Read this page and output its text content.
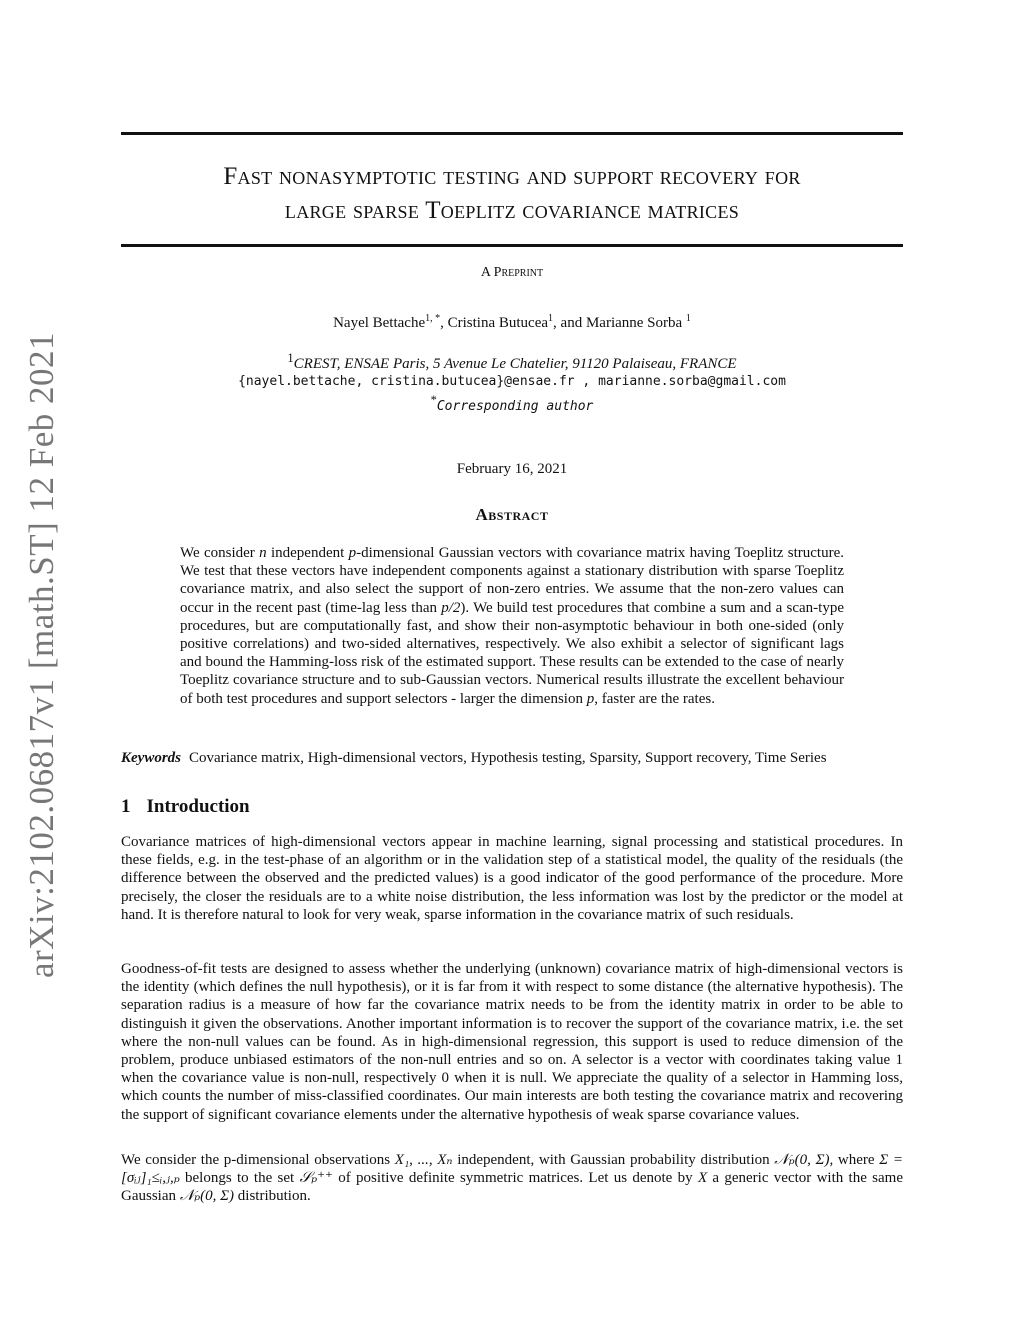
arXiv:2102.06817v1 [math.ST] 12 Feb 2021
Fast nonasymptotic testing and support recovery for
large sparse Toeplitz covariance matrices
A Preprint
Nayel Bettache$^{1, *}$, Cristina Butucea$^1$, and Marianne Sorba $^1$
$^1$CREST, ENSAE Paris, 5 Avenue Le Chatelier, 91120 Palaiseau, FRANCE
{nayel.bettache, cristina.butucea}@ensae.fr , marianne.sorba@gmail.com
*Corresponding author
February 16, 2021
Abstract

We consider n independent p-dimensional Gaussian vectors with covariance matrix having Toeplitz structure. We test that these vectors have independent components against a stationary distribution with sparse Toeplitz covariance matrix, and also select the support of non-zero entries. We assume that the non-zero values can occur in the recent past (time-lag less than p/2). We build test procedures that combine a sum and a scan-type procedures, but are computationally fast, and show their non-asymptotic behaviour in both one-sided (only positive correlations) and two-sided alternatives, respectively. We also exhibit a selector of significant lags and bound the Hamming-loss risk of the estimated support. These results can be extended to the case of nearly Toeplitz covariance structure and to sub-Gaussian vectors. Numerical results illustrate the excellent behaviour of both test procedures and support selectors - larger the dimension p, faster are the rates.

Keywords Covariance matrix, High-dimensional vectors, Hypothesis testing, Sparsity, Support recovery, Time Series

1 Introduction

Covariance matrices of high-dimensional vectors appear in machine learning, signal processing and statistical procedures. In these fields, e.g. in the test-phase of an algorithm or in the validation step of a statistical model, the quality of the residuals (the difference between the observed and the predicted values) is a good indicator of the good performance of the procedure. More precisely, the closer the residuals are to a white noise distribution, the less information was lost by the predictor or the model at hand. It is therefore natural to look for very weak, sparse information in the covariance matrix of such residuals.

Goodness-of-fit tests are designed to assess whether the underlying (unknown) covariance matrix of high-dimensional vectors is the identity (which defines the null hypothesis), or it is far from it with respect to some distance (the alternative hypothesis). The separation radius is a measure of how far the covariance matrix needs to be from the identity matrix in order to be able to distinguish it given the observations. Another important information is to recover the support of the covariance matrix, i.e. the set where the non-null values can be found. As in high-dimensional regression, this support is used to reduce dimension of the problem, produce unbiased estimators of the non-null entries and so on. A selector is a vector with coordinates taking value 1 when the covariance value is non-null, respectively 0 when it is null. We appreciate the quality of a selector in Hamming loss, which counts the number of miss-classified coordinates. Our main interests are both testing the covariance matrix and recovering the support of significant covariance elements under the alternative hypothesis of weak sparse covariance values.

We consider the p-dimensional observations X₁, ..., Xₙ independent, with Gaussian probability distribution 𝒩ₚ(0, Σ), where Σ = [σᵢⱼ]₁≤ᵢ,ⱼ,ₚ belongs to the set 𝒮ₚ⁺⁺ of positive definite symmetric matrices. Let us denote by X a generic vector with the same Gaussian 𝒩ₚ(0, Σ) distribution.
